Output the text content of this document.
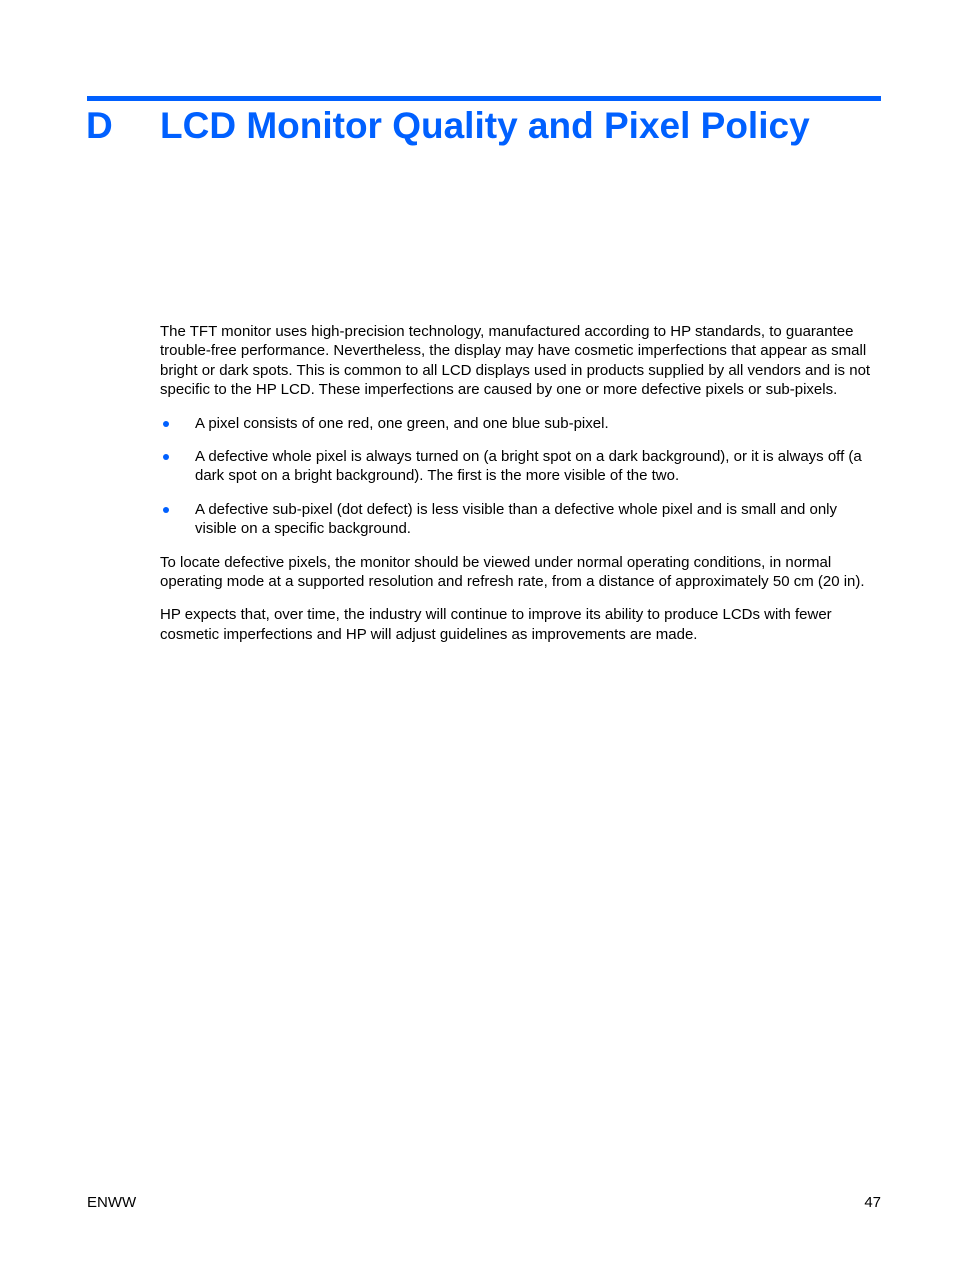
D LCD Monitor Quality and Pixel Policy

The TFT monitor uses high-precision technology, manufactured according to HP standards, to guarantee trouble-free performance. Nevertheless, the display may have cosmetic imperfections that appear as small bright or dark spots. This is common to all LCD displays used in products supplied by all vendors and is not specific to the HP LCD. These imperfections are caused by one or more defective pixels or sub-pixels.

A pixel consists of one red, one green, and one blue sub-pixel.
A defective whole pixel is always turned on (a bright spot on a dark background), or it is always off (a dark spot on a bright background). The first is the more visible of the two.
A defective sub-pixel (dot defect) is less visible than a defective whole pixel and is small and only visible on a specific background.

To locate defective pixels, the monitor should be viewed under normal operating conditions, in normal operating mode at a supported resolution and refresh rate, from a distance of approximately 50 cm (20 in).

HP expects that, over time, the industry will continue to improve its ability to produce LCDs with fewer cosmetic imperfections and HP will adjust guidelines as improvements are made.

ENWW	47
